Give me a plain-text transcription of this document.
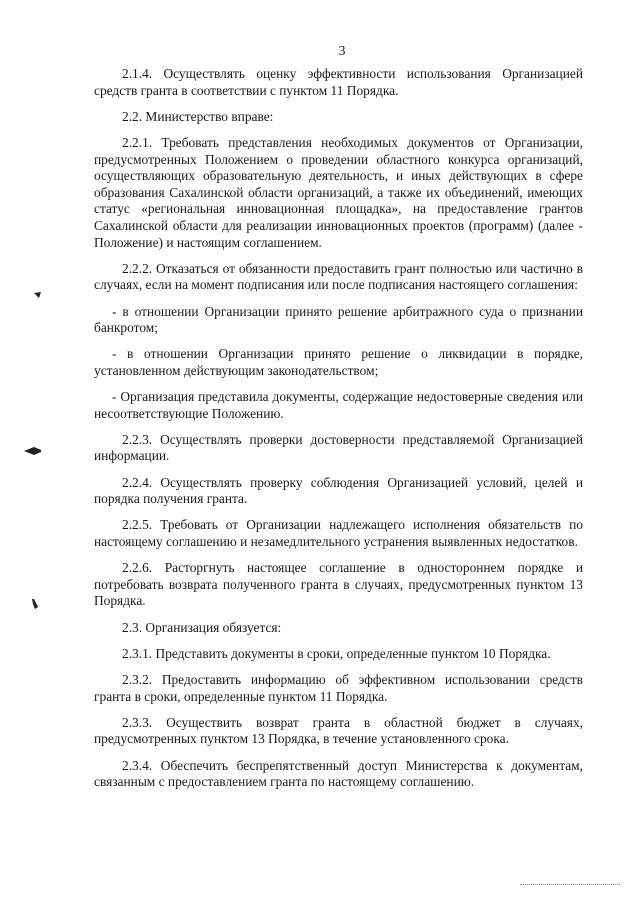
3

2.1.4. Осуществлять оценку эффективности использования Организацией средств гранта в соответствии с пунктом 11 Порядка.

2.2. Министерство вправе:

2.2.1. Требовать представления необходимых документов от Организации, предусмотренных Положением о проведении областного конкурса организаций, осуществляющих образовательную деятельность, и иных действующих в сфере образования Сахалинской области организаций, а также их объединений, имеющих статус «региональная инновационная площадка», на предоставление грантов Сахалинской области для реализации инновационных проектов (программ) (далее - Положение) и настоящим соглашением.

2.2.2. Отказаться от обязанности предоставить грант полностью или частично в случаях, если на момент подписания или после подписания настоящего соглашения:

- в отношении Организации принято решение арбитражного суда о признании банкротом;

- в отношении Организации принято решение о ликвидации в порядке, установленном действующим законодательством;

- Организация представила документы, содержащие недостоверные сведения или несоответствующие Положению.

2.2.3. Осуществлять проверки достоверности представляемой Организацией информации.

2.2.4. Осуществлять проверку соблюдения Организацией условий, целей и порядка получения гранта.

2.2.5. Требовать от Организации надлежащего исполнения обязательств по настоящему соглашению и незамедлительного устранения выявленных недостатков.

2.2.6. Расторгнуть настоящее соглашение в одностороннем порядке и потребовать возврата полученного гранта в случаях, предусмотренных пунктом 13 Порядка.

2.3. Организация обязуется:

2.3.1. Представить документы в сроки, определенные пунктом 10 Порядка.

2.3.2. Предоставить информацию об эффективном использовании средств гранта в сроки, определенные пунктом 11 Порядка.

2.3.3. Осуществить возврат гранта в областной бюджет в случаях, предусмотренных пунктом 13 Порядка, в течение установленного срока.

2.3.4. Обеспечить беспрепятственный доступ Министерства к документам, связанным с предоставлением гранта по настоящему соглашению.
